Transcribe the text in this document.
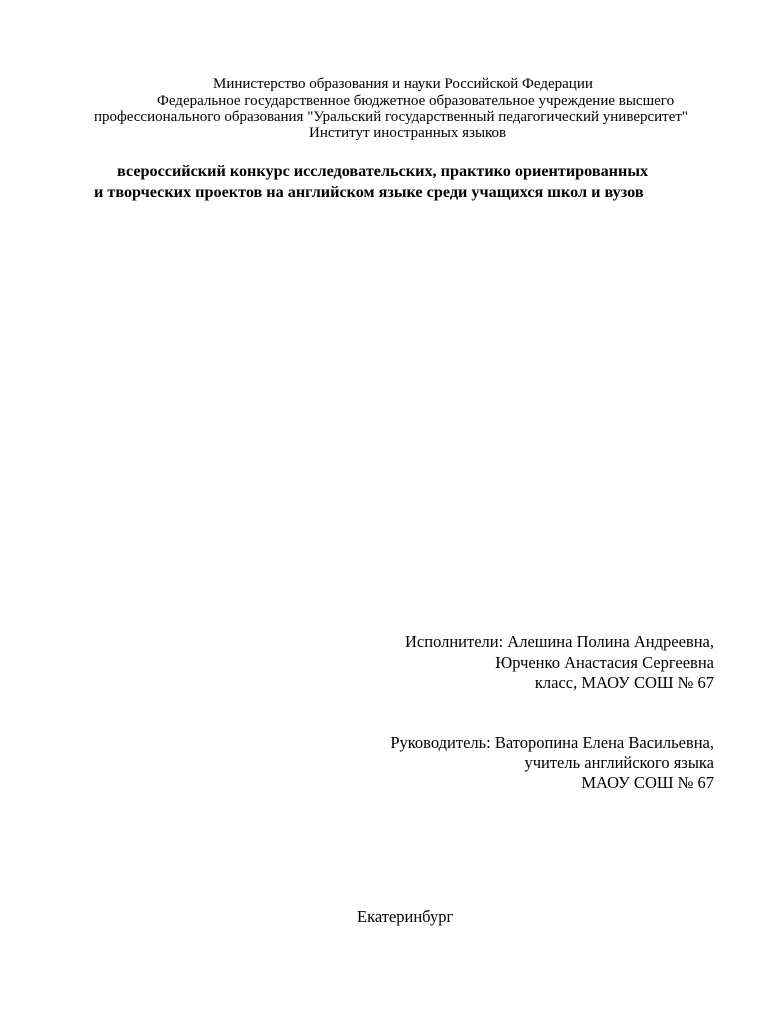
Министерство образования и науки Российской Федерации
Федеральное государственное бюджетное образовательное учреждение высшего
профессионального образования "Уральский государственный педагогический университет"
Институт иностранных языков
всероссийский конкурс исследовательских, практико ориентированных
и творческих проектов на английском языке среди учащихся школ и вузов
Исполнители: Алешина Полина Андреевна,
Юрченко Анастасия Сергеевна
класс, МАОУ СОШ № 67
Руководитель: Ваторопина Елена Васильевна,
учитель английского языка
МАОУ СОШ № 67
Екатеринбург
